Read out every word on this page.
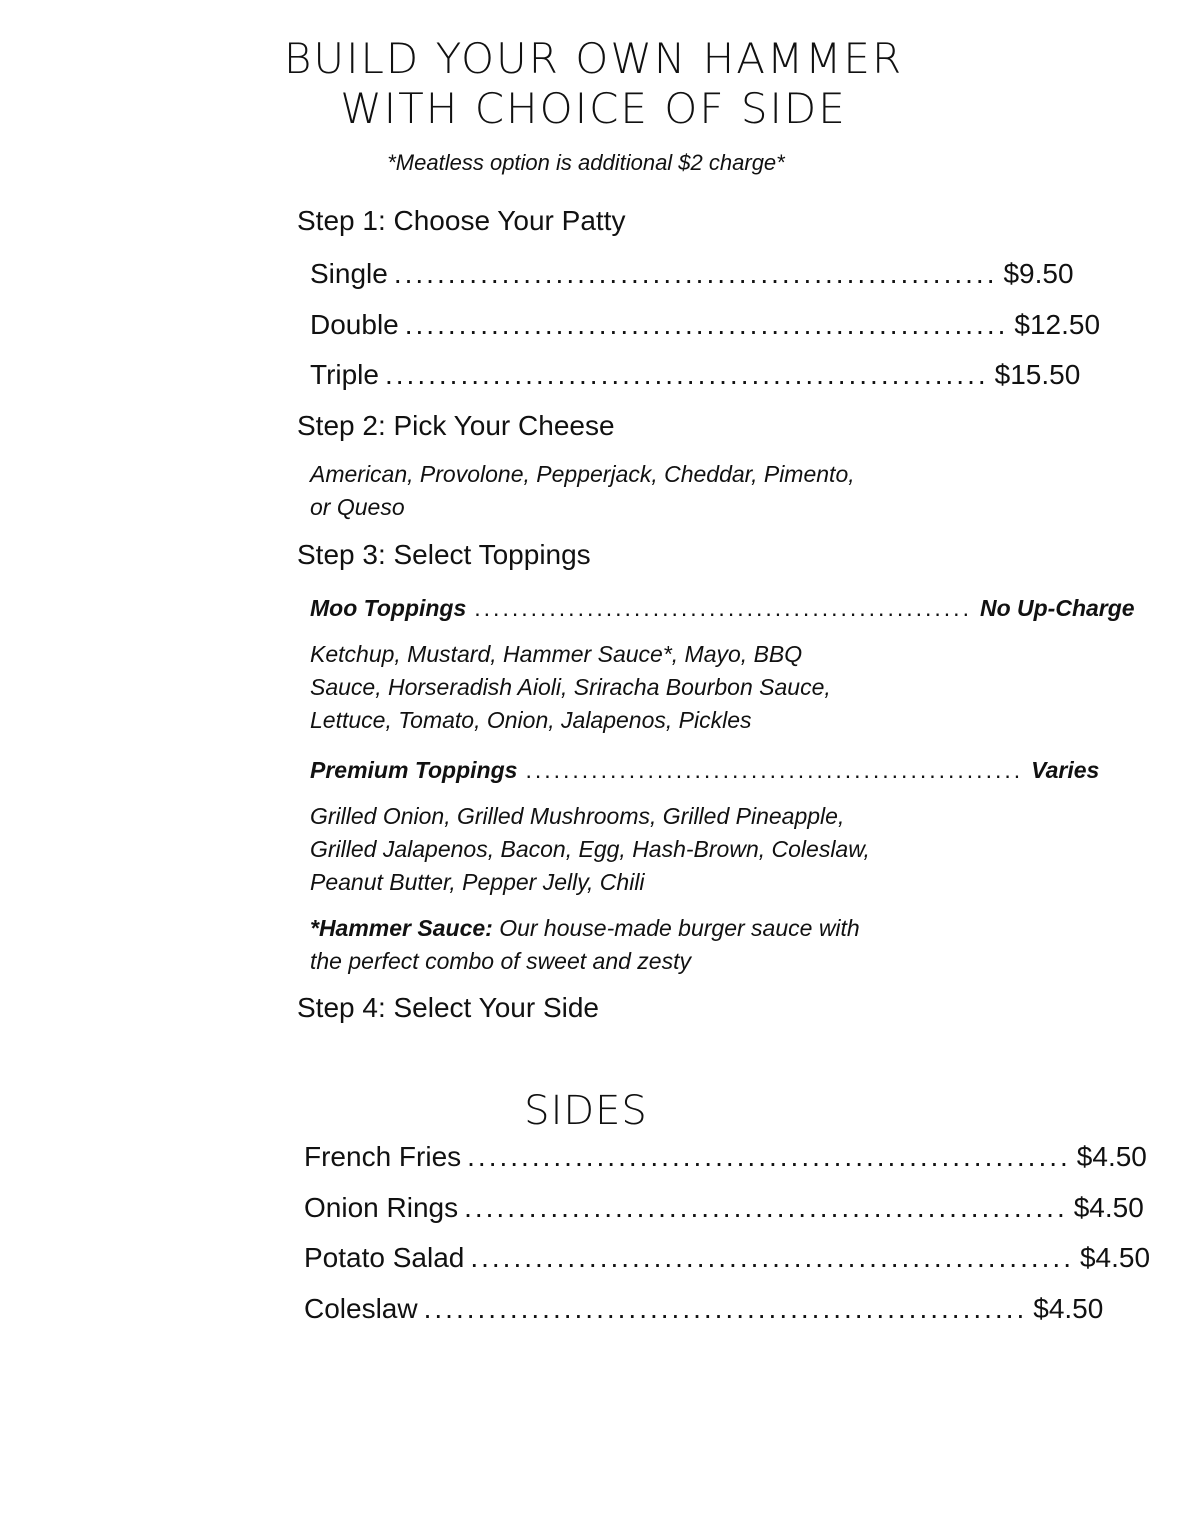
BUILD YOUR OWN HAMMER
WITH CHOICE OF SIDE
*Meatless option is additional $2 charge*
Step 1: Choose Your Patty
Single ........................................................ $9.50
Double ........................................................ $12.50
Triple ........................................................ $15.50
Step 2: Pick Your Cheese
American, Provolone, Pepperjack, Cheddar, Pimento, or Queso
Step 3: Select Toppings
Moo Toppings ..................................................... No Up-Charge
Ketchup, Mustard, Hammer Sauce*, Mayo, BBQ Sauce, Horseradish Aioli, Sriracha Bourbon Sauce, Lettuce, Tomato, Onion, Jalapenos, Pickles
Premium Toppings ..................................................... Varies
Grilled Onion, Grilled Mushrooms, Grilled Pineapple, Grilled Jalapenos, Bacon, Egg, Hash-Brown, Coleslaw, Peanut Butter, Pepper Jelly, Chili
*Hammer Sauce: Our house-made burger sauce with the perfect combo of sweet and zesty
Step 4: Select Your Side
SIDES
French Fries ........................................................ $4.50
Onion Rings ........................................................ $4.50
Potato Salad ........................................................ $4.50
Coleslaw ........................................................ $4.50
